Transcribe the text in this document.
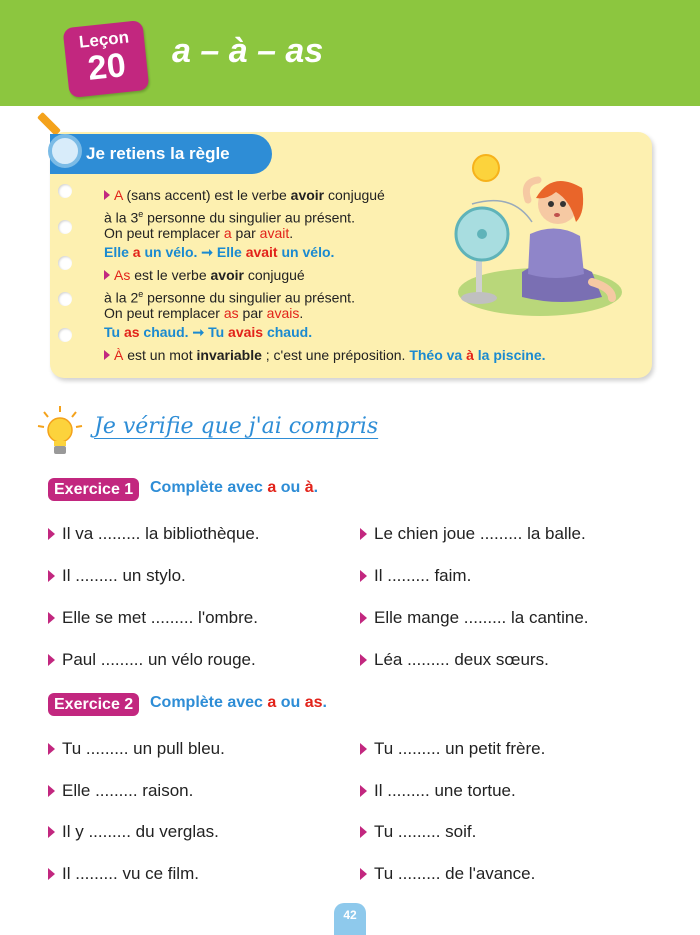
Leçon
20	a – à – as
Je retiens la règle
A (sans accent) est le verbe avoir conjugué
à la 3e personne du singulier au présent.
On peut remplacer a par avait.
Elle a un vélo. ➞ Elle avait un vélo.
As est le verbe avoir conjugué
à la 2e personne du singulier au présent.
On peut remplacer as par avais.
Tu as chaud. ➞ Tu avais chaud.
À est un mot invariable ; c'est une préposition. Théo va à la piscine.
Je vérifie que j'ai compris
Exercice 1	Complète avec a ou à.
Il va ......... la bibliothèque.
Il ......... un stylo.
Elle se met ......... l'ombre.
Paul ......... un vélo rouge.
Le chien joue ......... la balle.
Il ......... faim.
Elle mange ......... la cantine.
Léa ......... deux sœurs.
Exercice 2	Complète avec a ou as.
Tu ......... un pull bleu.
Elle ......... raison.
Il y ......... du verglas.
Il ......... vu ce film.
Tu ......... un petit frère.
Il ......... une tortue.
Tu ......... soif.
Tu ......... de l'avance.
42
